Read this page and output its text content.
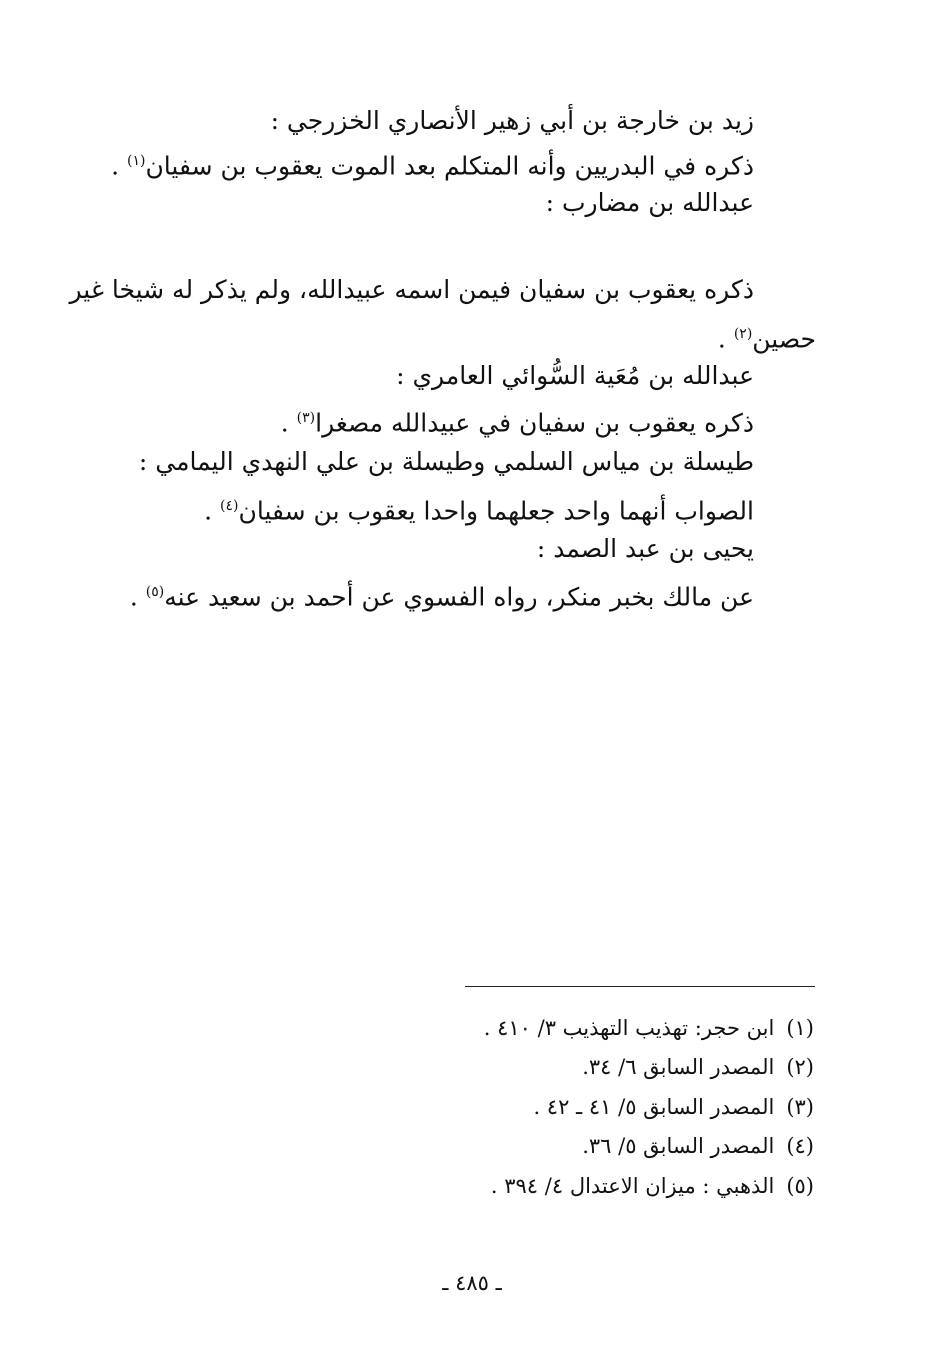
زيد بن خارجة بن أبي زهير الأنصاري الخزرجي :
ذكره في البدريين وأنه المتكلم بعد الموت يعقوب بن سفيان$^{(١)}$ .
عبدالله بن مضارب :
ذكره يعقوب بن سفيان فيمن اسمه عبيدالله، ولم يذكر له شيخا غير
حصين$^{(٢)}$ .
عبدالله بن مُعَية السُّوائي العامري :
ذكره يعقوب بن سفيان في عبيدالله مصغرا$^{(٣)}$ .
طيسلة بن مياس السلمي وطيسلة بن علي النهدي اليمامي :
الصواب أنهما واحد جعلهما واحدا يعقوب بن سفيان$^{(٤)}$ .
يحيى بن عبد الصمد :
عن مالك بخبر منكر، رواه الفسوي عن أحمد بن سعيد عنه$^{(٥)}$ .
(١)ابن حجر: تهذيب التهذيب ٣/ ٤١٠ .
(٢)المصدر السابق ٦/ ٣٤.
(٣)المصدر السابق ٥/ ٤١ ـ ٤٢ .
(٤)المصدر السابق ٥/ ٣٦.
(٥)الذهبي : ميزان الاعتدال ٤/ ٣٩٤ .
ـ ٤٨٥ ـ
